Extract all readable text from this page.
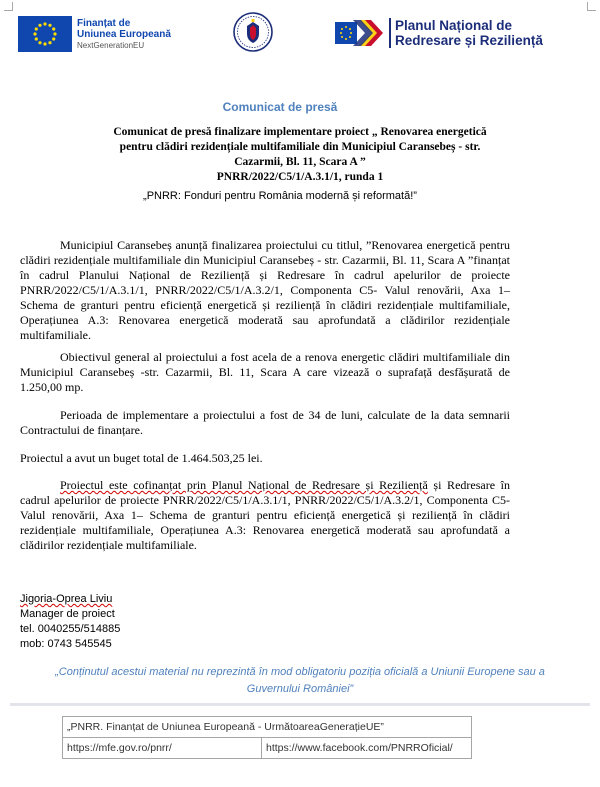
Finanțat de
Uniunea Europeană
NextGenerationEU
Planul Național de
Redresare și Reziliență
Comunicat de presă
Comunicat de presă finalizare implementare proiect „ Renovarea energetică
pentru clădiri rezidențiale multifamiliale din Municipiul Caransebeș - str.
Cazarmii, Bl. 11, Scara A ”
PNRR/2022/C5/1/A.3.1/1, runda 1
„PNRR: Fonduri pentru România modernă și reformată!”
Municipiul Caransebeș anunță finalizarea proiectului cu titlul, ”Renovarea energetică pentru clădiri rezidențiale multifamiliale din Municipiul Caransebeș - str. Cazarmii, Bl. 11, Scara A ”finanțat în cadrul Planului Național de Reziliență și Redresare în cadrul apelurilor de proiecte PNRR/2022/C5/1/A.3.1/1, PNRR/2022/C5/1/A.3.2/1, Componenta C5- Valul renovării, Axa 1– Schema de granturi pentru eficiență energetică și reziliență în clădiri rezidențiale multifamiliale, Operațiunea A.3: Renovarea energetică moderată sau aprofundată a clădirilor rezidențiale multifamiliale.
Obiectivul general al proiectului a fost acela de a renova energetic clădiri multifamiliale din Municipiul Caransebeș -str. Cazarmii, Bl. 11, Scara A care vizează o suprafață desfășurată de 1.250,00 mp.
Perioada de implementare a proiectului a fost de 34 de luni, calculate de la data semnarii Contractului de finanțare.
Proiectul a avut un buget total de 1.464.503,25 lei.
Proiectul este cofinanțat prin Planul Național de Redresare și Reziliență și Redresare în cadrul apelurilor de proiecte PNRR/2022/C5/1/A.3.1/1, PNRR/2022/C5/1/A.3.2/1, Componenta C5- Valul renovării, Axa 1– Schema de granturi pentru eficiență energetică și reziliență în clădiri rezidențiale multifamiliale, Operațiunea A.3: Renovarea energetică moderată sau aprofundată a clădirilor rezidențiale multifamiliale.
Jigoria-Oprea Liviu
Manager de proiect
tel. 0040255/514885
mob: 0743 545545
„Conținutul acestui material nu reprezintă în mod obligatoriu poziția oficială a Uniunii Europene sau a
Guvernului României”
„PNRR. Finanțat de Uniunea Europeană - UrmătoareaGenerațieUE”
https://mfe.gov.ro/pnrr/	https://www.facebook.com/PNRROficial/
